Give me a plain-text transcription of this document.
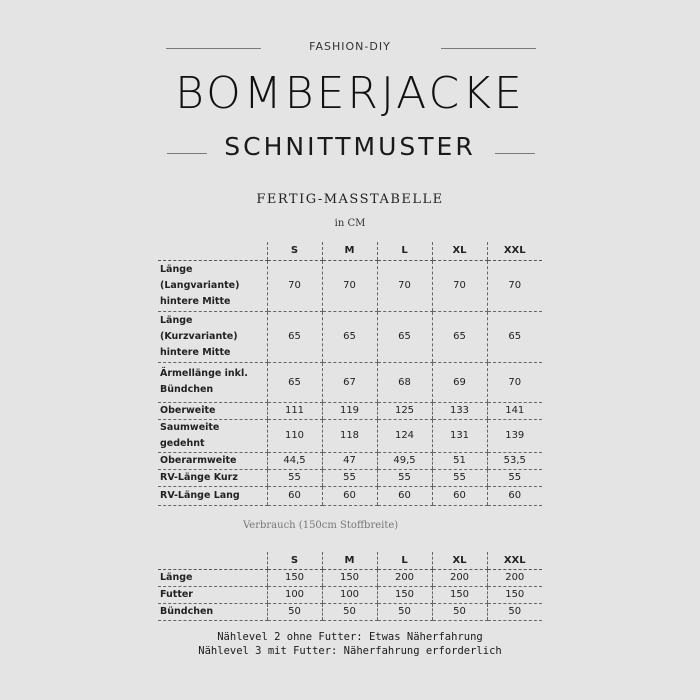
FASHION-DIY
BOMBERJACKE
SCHNITTMUSTER
FERTIG-MASSTABELLE
in CM
	S	M	L	XL	XXL
Länge (Langvariante) hintere Mitte	70	70	70	70	70
Länge (Kurzvariante) hintere Mitte	65	65	65	65	65
Ärmellänge inkl. Bündchen	65	67	68	69	70
Oberweite	111	119	125	133	141
Saumweite gedehnt	110	118	124	131	139
Oberarmweite	44,5	47	49,5	51	53,5
RV-Länge Kurz	55	55	55	55	55
RV-Länge Lang	60	60	60	60	60
Verbrauch (150cm Stoffbreite)
	S	M	L	XL	XXL
Länge	150	150	200	200	200
Futter	100	100	150	150	150
Bündchen	50	50	50	50	50
Nählevel 2 ohne Futter: Etwas Näherfahrung
Nählevel 3 mit Futter: Näherfahrung erforderlich
